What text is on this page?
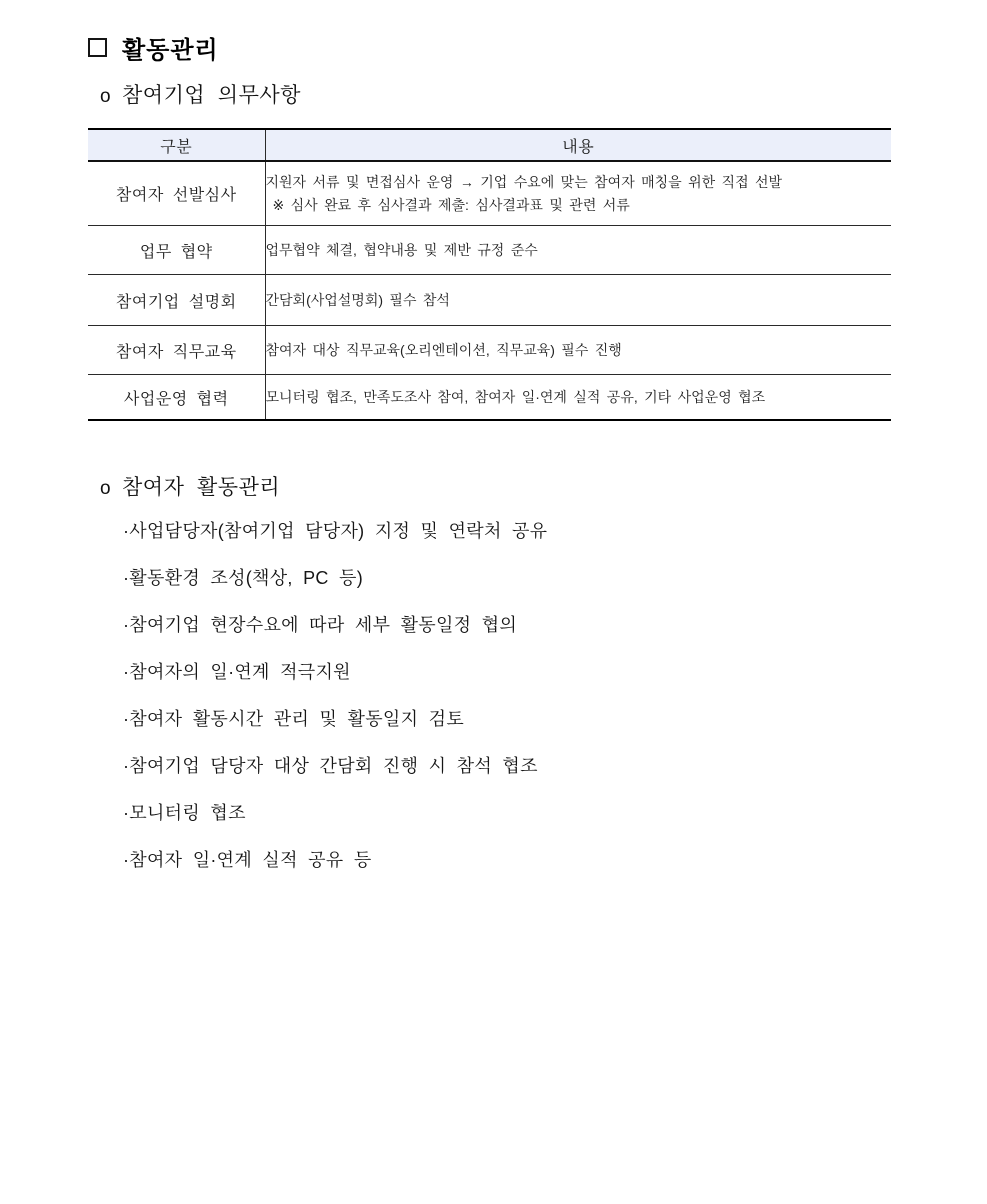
활동관리
o 참여기업 의무사항
구분	내용
참여자 선발심사	지원자 서류 및 면접심사 운영 → 기업 수요에 맞는 참여자 매칭을 위한 직접 선발
※ 심사 완료 후 심사결과 제출: 심사결과표 및 관련 서류

업무 협약	업무협약 체결, 협약내용 및 제반 규정 준수
참여기업 설명회	간담회(사업설명회) 필수 참석
참여자 직무교육	참여자 대상 직무교육(오리엔테이션, 직무교육) 필수 진행
사업운영 협력	모니터링 협조, 만족도조사 참여, 참여자 일·연계 실적 공유, 기타 사업운영 협조
o 참여자 활동관리
·사업담당자(참여기업 담당자) 지정 및 연락처 공유
·활동환경 조성(책상, PC 등)
·참여기업 현장수요에 따라 세부 활동일정 협의
·참여자의 일·연계 적극지원
·참여자 활동시간 관리 및 활동일지 검토
·참여기업 담당자 대상 간담회 진행 시 참석 협조
·모니터링 협조
·참여자 일·연계 실적 공유 등
